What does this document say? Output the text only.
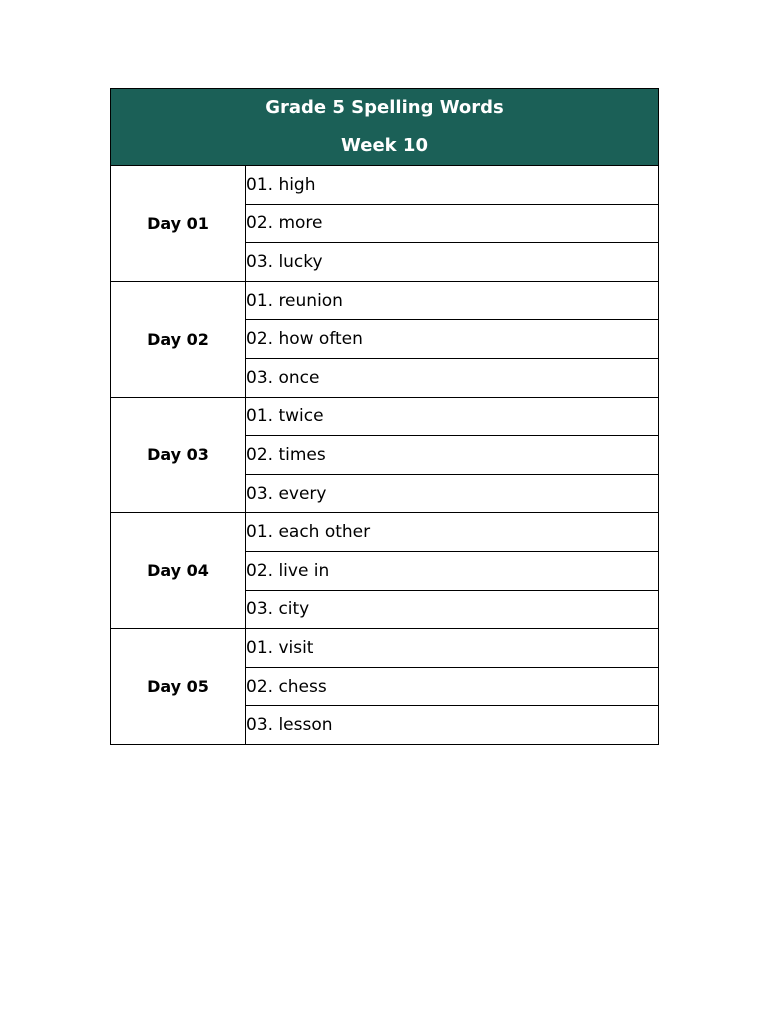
Grade 5 Spelling Words
Week 10	

Day 01	01. high
	02. more
	03. lucky
Day 02	01. reunion
	02. how often
	03. once
Day 03	01. twice
	02. times
	03. every
Day 04	01. each other
	02. live in
	03. city
Day 05	01. visit
	02. chess
	03. lesson
